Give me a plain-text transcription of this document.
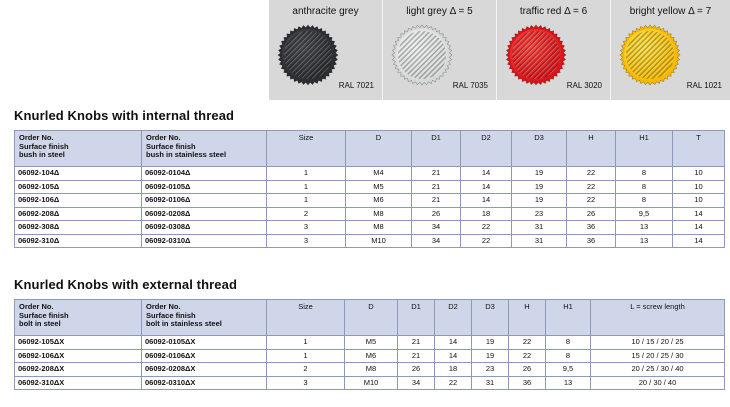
anthracite grey
RAL 7021
light grey Δ = 5
RAL 7035
traffic red Δ = 6
RAL 3020
bright yellow Δ = 7
RAL 1021
Knurled Knobs with internal thread
Order No.
Surface finish
bush in steel	Order No.
Surface finish
bush in stainless steel	Size	D	D1	D2	D3	H	H1	T
06092-104Δ	06092-0104Δ	1	M4	21	14	19	22	8	10
06092-105Δ	06092-0105Δ	1	M5	21	14	19	22	8	10
06092-106Δ	06092-0106Δ	1	M6	21	14	19	22	8	10
06092-208Δ	06092-0208Δ	2	M8	26	18	23	26	9,5	14
06092-308Δ	06092-0308Δ	3	M8	34	22	31	36	13	14
06092-310Δ	06092-0310Δ	3	M10	34	22	31	36	13	14
Knurled Knobs with external thread
Order No.
Surface finish
bolt in steel	Order No.
Surface finish
bolt in stainless steel	Size	D	D1	D2	D3	H	H1	L = screw length
06092-105ΔX	06092-0105ΔX	1	M5	21	14	19	22	8	10 / 15 / 20 / 25
06092-106ΔX	06092-0106ΔX	1	M6	21	14	19	22	8	15 / 20 / 25 / 30
06092-208ΔX	06092-0208ΔX	2	M8	26	18	23	26	9,5	20 / 25 / 30 / 40
06092-310ΔX	06092-0310ΔX	3	M10	34	22	31	36	13	20 / 30 / 40
